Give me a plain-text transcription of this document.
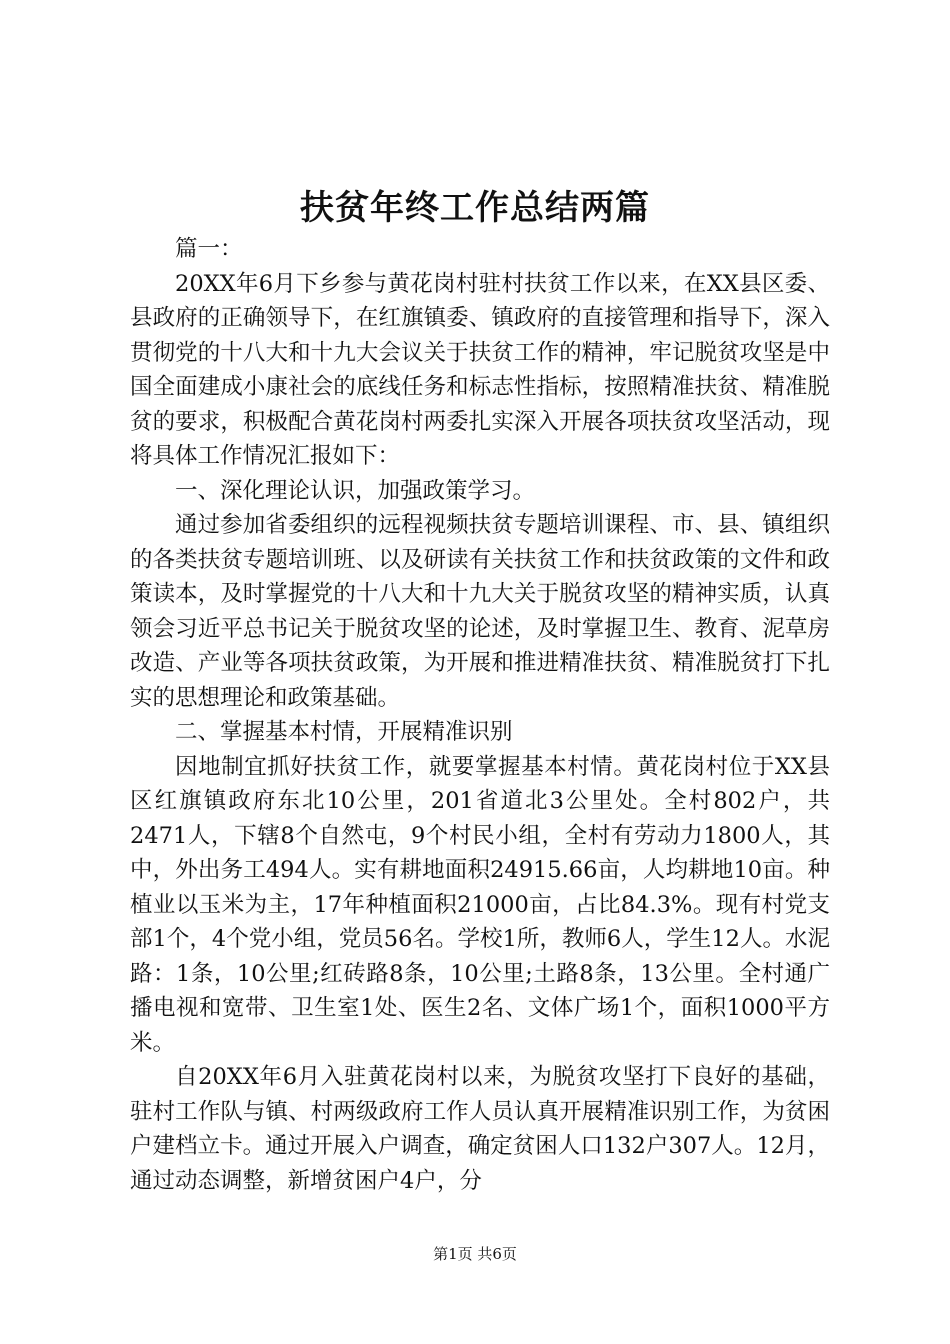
扶贫年终工作总结两篇

篇一：

20XX年6月下乡参与黄花岗村驻村扶贫工作以来，在XX县区委、县政府的正确领导下，在红旗镇委、镇政府的直接管理和指导下，深入贯彻党的十八大和十九大会议关于扶贫工作的精神，牢记脱贫攻坚是中国全面建成小康社会的底线任务和标志性指标，按照精准扶贫、精准脱贫的要求，积极配合黄花岗村两委扎实深入开展各项扶贫攻坚活动，现将具体工作情况汇报如下：

一、深化理论认识，加强政策学习。

通过参加省委组织的远程视频扶贫专题培训课程、市、县、镇组织的各类扶贫专题培训班、以及研读有关扶贫工作和扶贫政策的文件和政策读本，及时掌握党的十八大和十九大关于脱贫攻坚的精神实质，认真领会习近平总书记关于脱贫攻坚的论述，及时掌握卫生、教育、泥草房改造、产业等各项扶贫政策，为开展和推进精准扶贫、精准脱贫打下扎实的思想理论和政策基础。

二、掌握基本村情，开展精准识别

因地制宜抓好扶贫工作，就要掌握基本村情。黄花岗村位于XX县区红旗镇政府东北10公里，201省道北3公里处。全村802户，共2471人，下辖8个自然屯，9个村民小组，全村有劳动力1800人，其中，外出务工494人。实有耕地面积24915.66亩，人均耕地10亩。种植业以玉米为主，17年种植面积21000亩，占比84.3%。现有村党支部1个，4个党小组，党员56名。学校1所，教师6人，学生12人。水泥路：1条，10公里;红砖路8条，10公里;土路8条，13公里。全村通广播电视和宽带、卫生室1处、医生2名、文体广场1个，面积1000平方米。

自20XX年6月入驻黄花岗村以来，为脱贫攻坚打下良好的基础，驻村工作队与镇、村两级政府工作人员认真开展精准识别工作，为贫困户建档立卡。通过开展入户调查，确定贫困人口132户307人。12月，通过动态调整，新增贫困户4户，分

第1页 共6页
